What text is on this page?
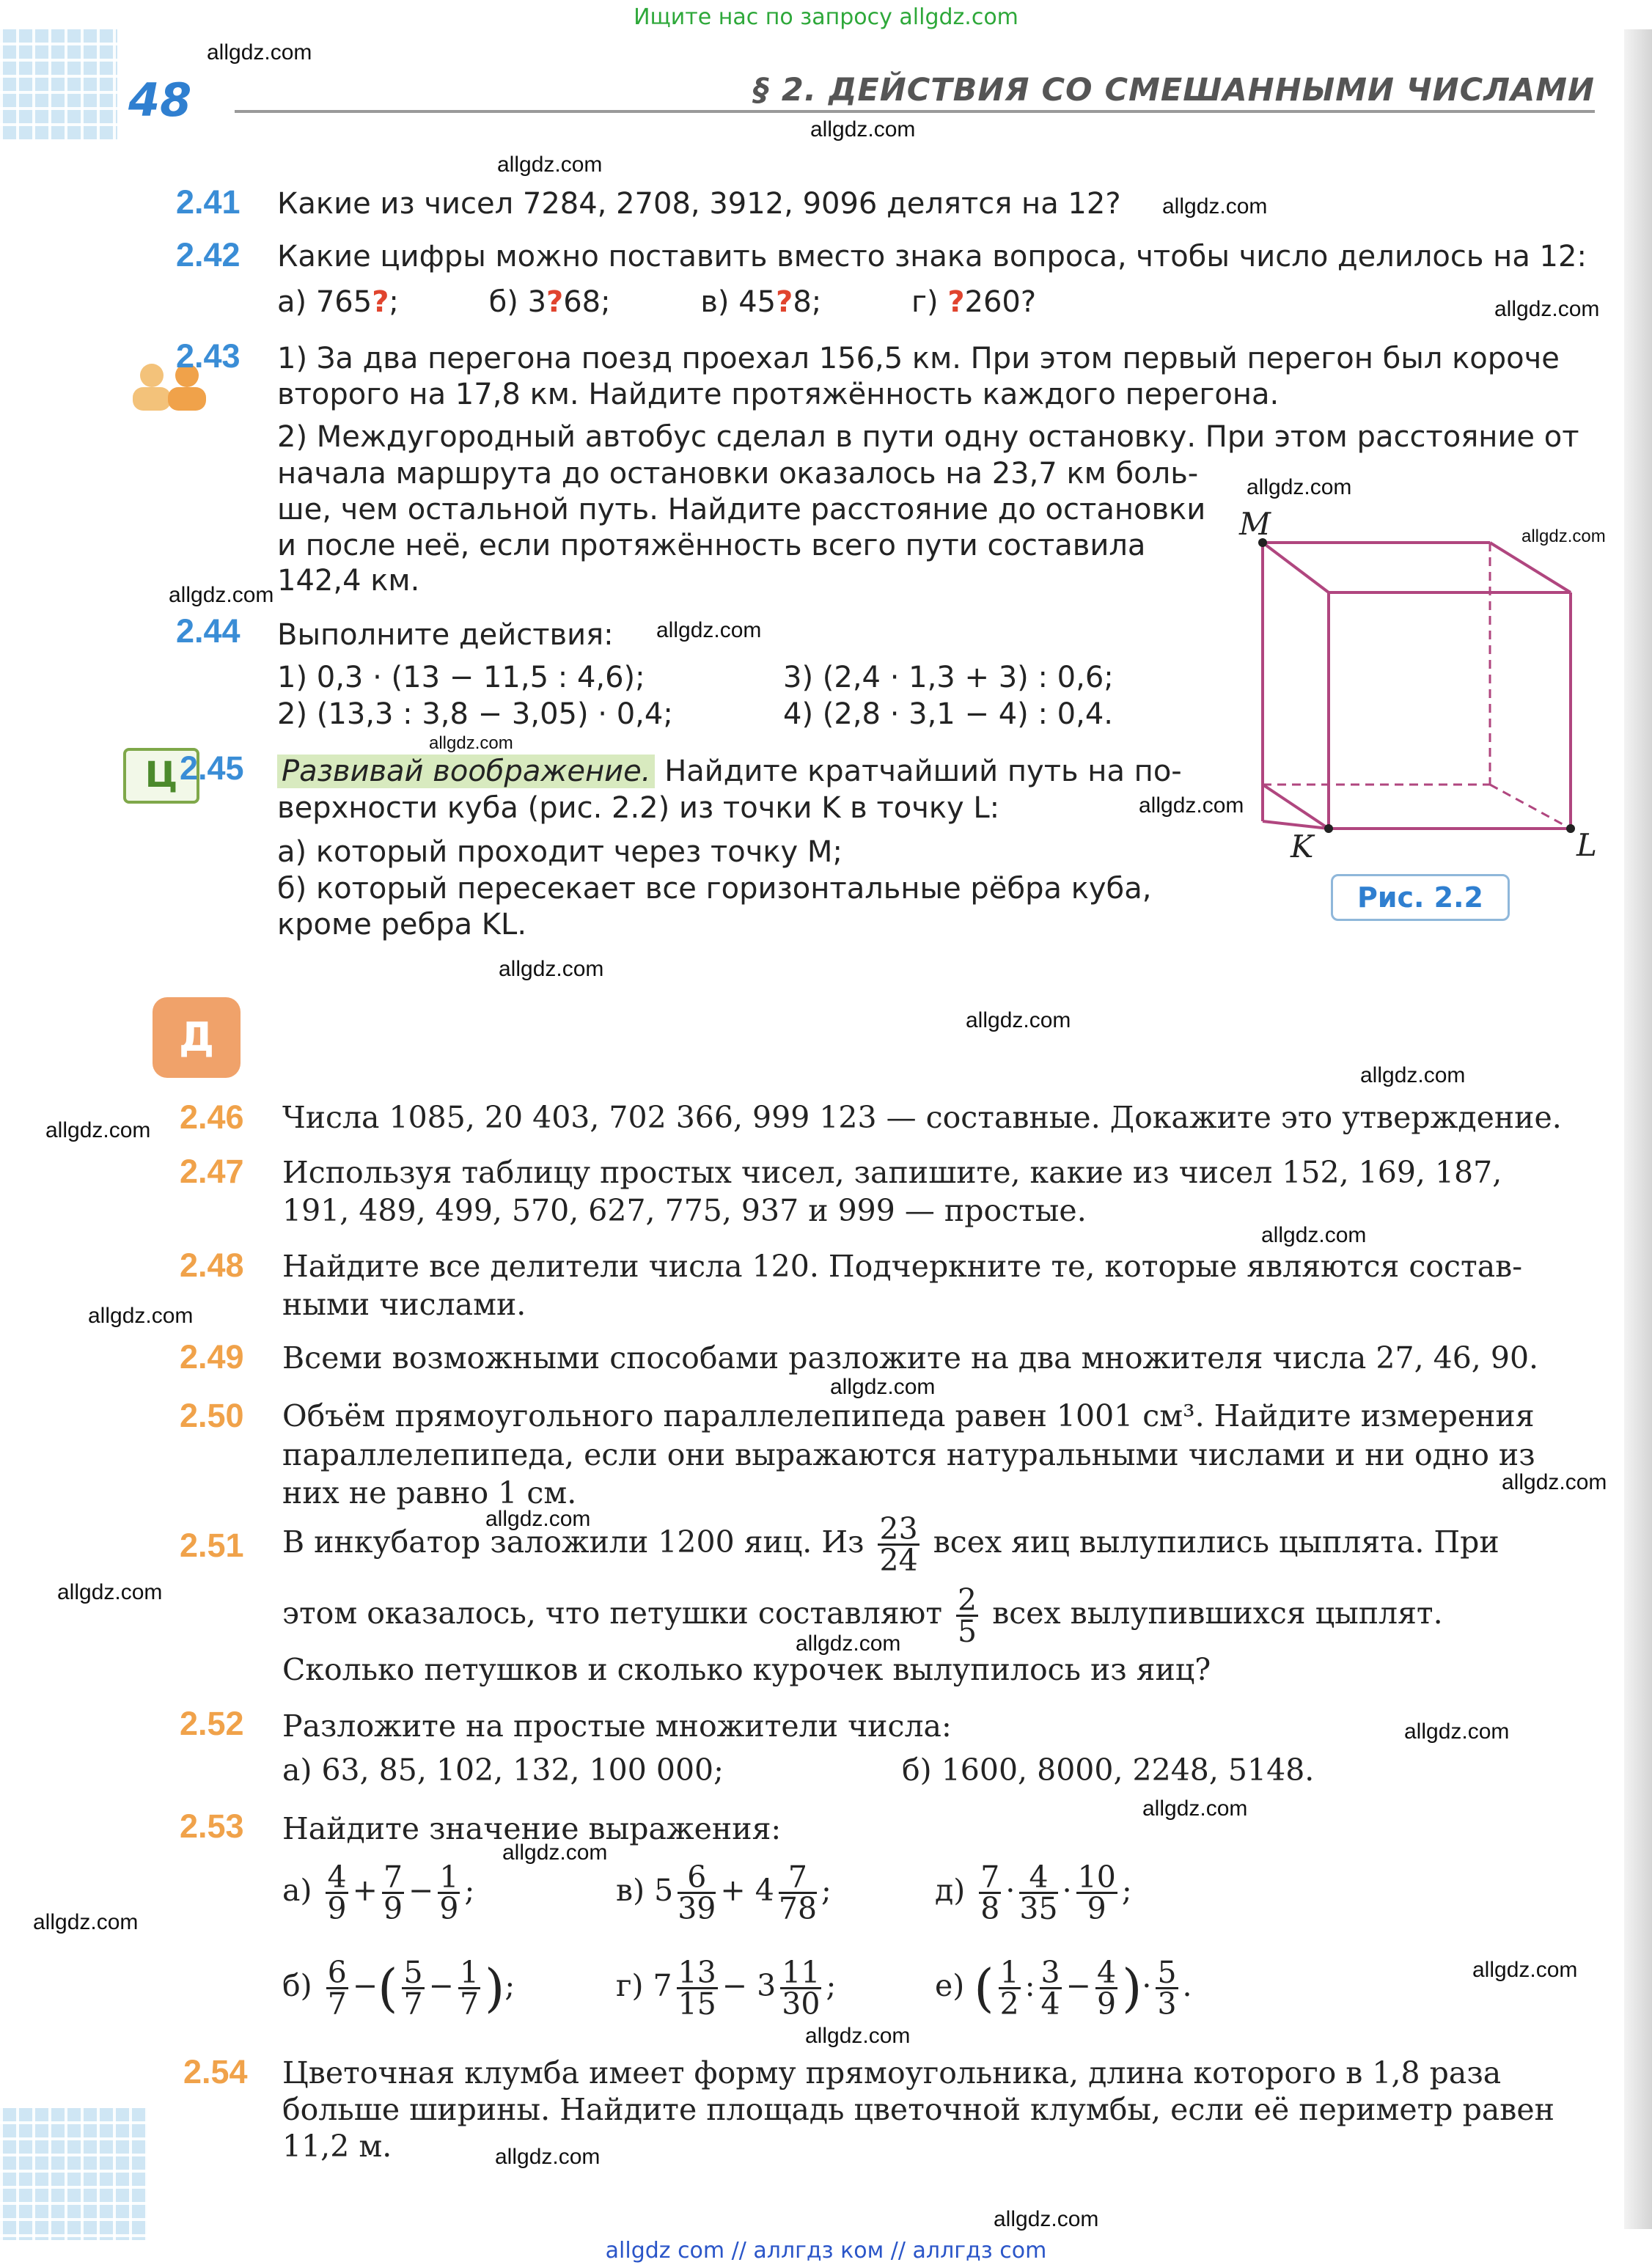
Ищите нас по запросу allgdz.com
allgdz com // аллгдз ком // аллгдз com
48	§ 2. ДЕЙСТВИЯ СО СМЕШАННЫМИ ЧИСЛАМИ
allgdz.com
allgdz.com
allgdz.com
allgdz.com
allgdz.com
allgdz.com
allgdz.com
allgdz.com
allgdz.com
allgdz.com
allgdz.com
allgdz.com
allgdz.com
allgdz.com
allgdz.com
allgdz.com
allgdz.com
allgdz.com
allgdz.com
allgdz.com
allgdz.com
allgdz.com
allgdz.com
allgdz.com
allgdz.com
allgdz.com
allgdz.com
allgdz.com
allgdz.com
allgdz.com
2.41 Какие из чисел 7284, 2708, 3912, 9096 делятся на 12?
2.42 Какие цифры можно поставить вместо знака вопроса, чтобы число делилось на 12:
а) 765?;	б) 3?68;	в) 45?8;	г) ?260?
2.43 1) За два перегона поезд проехал 156,5 км. При этом первый перегон был короче
второго на 17,8 км. Найдите протяжённость каждого перегона.
2) Междугородный автобус сделал в пути одну остановку. При этом расстояние от
начала маршрута до остановки оказалось на 23,7 км боль-
ше, чем остальной путь. Найдите расстояние до остановки
и после неё, если протяжённость всего пути составила
142,4 км.
2.44 Выполните действия:
1) 0,3 · (13 − 11,5 : 4,6);
2) (13,3 : 3,8 − 3,05) · 0,4;
3) (2,4 · 1,3 + 3) : 0,6;
4) (2,8 · 3,1 − 4) : 0,4.
Ц 2.45 Развивай воображение. Найдите кратчайший путь на по-
верхности куба (рис. 2.2) из точки K в точку L:
а) который проходит через точку M;
б) который пересекает все горизонтальные рёбра куба,
кроме ребра KL.
M
K	L
Рис. 2.2
Д
2.46 Числа 1085, 20 403, 702 366, 999 123 — составные. Докажите это утверждение.
2.47 Используя таблицу простых чисел, запишите, какие из чисел 152, 169, 187,
191, 489, 499, 570, 627, 775, 937 и 999 — простые.
2.48 Найдите все делители числа 120. Подчеркните те, которые являются состав-
ными числами.
2.49 Всеми возможными способами разложите на два множителя числа 27, 46, 90.
2.50 Объём прямоугольного параллелепипеда равен 1001 см³. Найдите измерения
параллелепипеда, если они выражаются натуральными числами и ни одно из
них не равно 1 см.
2.51 В инкубатор заложили 1200 яиц. Из $\frac{23}{24}$ всех яиц вылупились цыплята. При
этом оказалось, что петушки составляют $\frac{2}{5}$ всех вылупившихся цыплят.
Сколько петушков и сколько курочек вылупилось из яиц?
2.52 Разложите на простые множители числа:
а) 63, 85, 102, 132, 100 000;	б) 1600, 8000, 2248, 5148.
2.53 Найдите значение выражения:
$а) \frac{4}{9} + \frac{7}{9} - \frac{1}{9}$ ;	в) $5 \frac{6}{39} + 4 \frac{7}{78}$ ;	$д) \frac{7}{8} \cdot \frac{4}{35} \cdot \frac{10}{9}$ ;
$б) \frac{6}{7}$ −( $\frac{5}{7} - \frac{1}{7}$ );	г) $7 \frac{13}{15} - 3 \frac{11}{30}$ ;	е) ( $\frac{1}{2}$ : $\frac{3}{4} - \frac{4}{9}$ )· $\frac{5}{3}$ .
2.54 Цветочная клумба имеет форму прямоугольника, длина которого в 1,8 раза
больше ширины. Найдите площадь цветочной клумбы, если её периметр равен
11,2 м.
